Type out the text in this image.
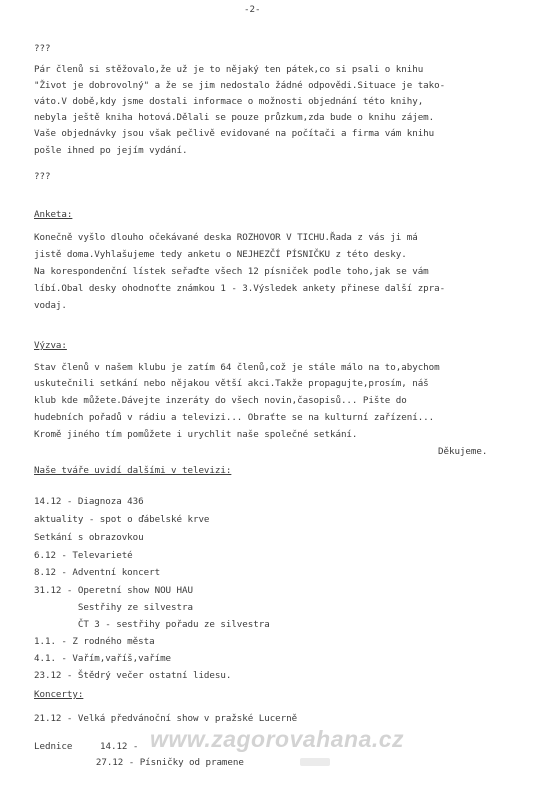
-2-
???
Pár členů si stěžovalo,že už je to nějaký ten pátek,co si psali o knihu
"Život je dobrovolný" a že se jim nedostalo žádné odpovědi.Situace je tako-
váto.V době,kdy jsme dostali informace o možnosti objednání této knihy,
nebyla ještě kniha hotová.Dělali se pouze průzkum,zda bude o knihu zájem.
Vaše objednávky jsou však pečlivě evidované na počítači a firma vám knihu
pošle ihned po jejím vydání.
???
Anketa:
Konečně vyšlo dlouho očekávané deska ROZHOVOR V TICHU.Řada z vás ji má
jistě doma.Vyhlašujeme tedy anketu o NEJHEZČÍ PÍSNIČKU z této desky.
Na korespondenční lístek seřaďte všech 12 písniček podle toho,jak se vám
líbí.Obal desky ohodnoťte známkou 1 - 3.Výsledek ankety přinese další zpra-
vodaj.
Výzva:
Stav členů v našem klubu je zatím 64 členů,což je stále málo na to,abychom
uskutečnili setkání nebo nějakou větší akci.Takže propagujte,prosím, náš
klub kde můžete.Dávejte inzeráty do všech novin,časopisů... Pište do
hudebních pořadů v rádiu a televizi... Obraťte se na kulturní zařízení...
Kromě jiného tím pomůžete i urychlit naše společné setkání.
Děkujeme.
Naše tváře uvidí dalšími v televizi:
14.12 - Diagnoza 436
aktuality - spot o ďábelské krve
Setkání s obrazovkou
6.12 - Televarieté
8.12 - Adventní koncert
31.12 - Operetní show NOU HAU
Sestřihy ze silvestra
ČT 3 - sestřihy pořadu ze silvestra
1.1. - Z rodného města
4.1. - Vařím,vaříš,vaříme
23.12 - Štědrý večer ostatní lidesu.
Koncerty:
21.12 - Velká předvánoční show v pražské Lucerně
Lednice	14.12 -
27.12 - Písničky od pramene
www.zagorovahana.cz
